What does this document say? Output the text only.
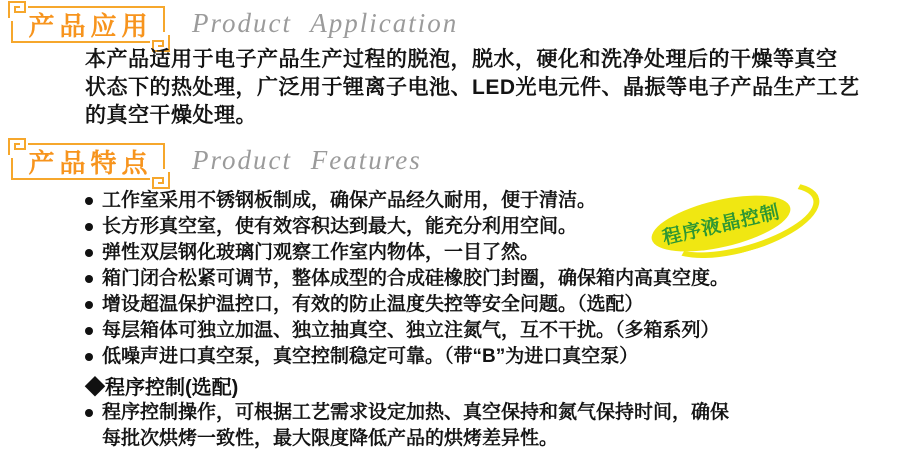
产品应用 Product Application
本产品适用于电子产品生产过程的脱泡，脱水，硬化和洗净处理后的干燥等真空
状态下的热处理，广泛用于锂离子电池、LED光电元件、晶振等电子产品生产工艺
的真空干燥处理。
产品特点 Product Features
程序液晶控制
工作室采用不锈钢板制成，确保产品经久耐用，便于清洁。
长方形真空室，使有效容积达到最大，能充分利用空间。
弹性双层钢化玻璃门观察工作室内物体，一目了然。
箱门闭合松紧可调节，整体成型的合成硅橡胶门封圈，确保箱内高真空度。
增设超温保护温控口，有效的防止温度失控等安全问题。（选配）
每层箱体可独立加温、独立抽真空、独立注氮气，互不干扰。（多箱系列）
低噪声进口真空泵，真空控制稳定可靠。（带“B”为进口真空泵）
◆程序控制(选配)
程序控制操作，可根据工艺需求设定加热、真空保持和氮气保持时间，确保
每批次烘烤一致性，最大限度降低产品的烘烤差异性。
